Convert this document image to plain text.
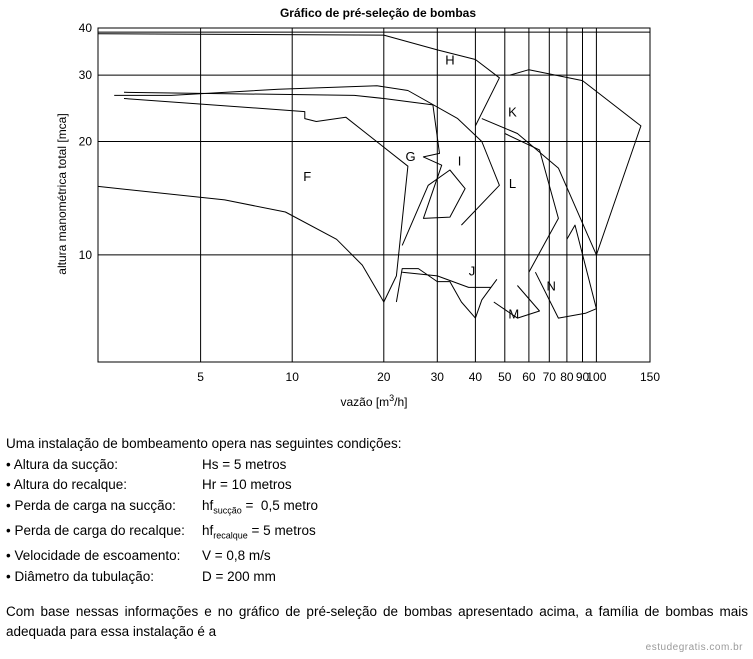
Gráfico de pré-seleção de bombas
F
G
H
I
J
K
L
M
N
5	10	20	30 40 50 60 70 80 90
100	150
10
20
30
40
vazão $[m^3/h]$
altura manométrica total [mca]

Uma instalação de bombeamento opera nas seguintes condições:

• Altura da sucção:	Hs = 5 metros
• Altura do recalque:	Hr = 10 metros
• Perda de carga na sucção:	$hf_{sucção} = 0,5$ metro
• Perda de carga do recalque:	$hf_{recalque} = 5$ metros
• Velocidade de escoamento:	V = 0,8 m/s
• Diâmetro da tubulação:	D = 200 mm

Com base nessas informações e no gráfico de pré-seleção de bombas apresentado acima, a família de bombas mais adequada para essa instalação é a

estudegratis.com.br
